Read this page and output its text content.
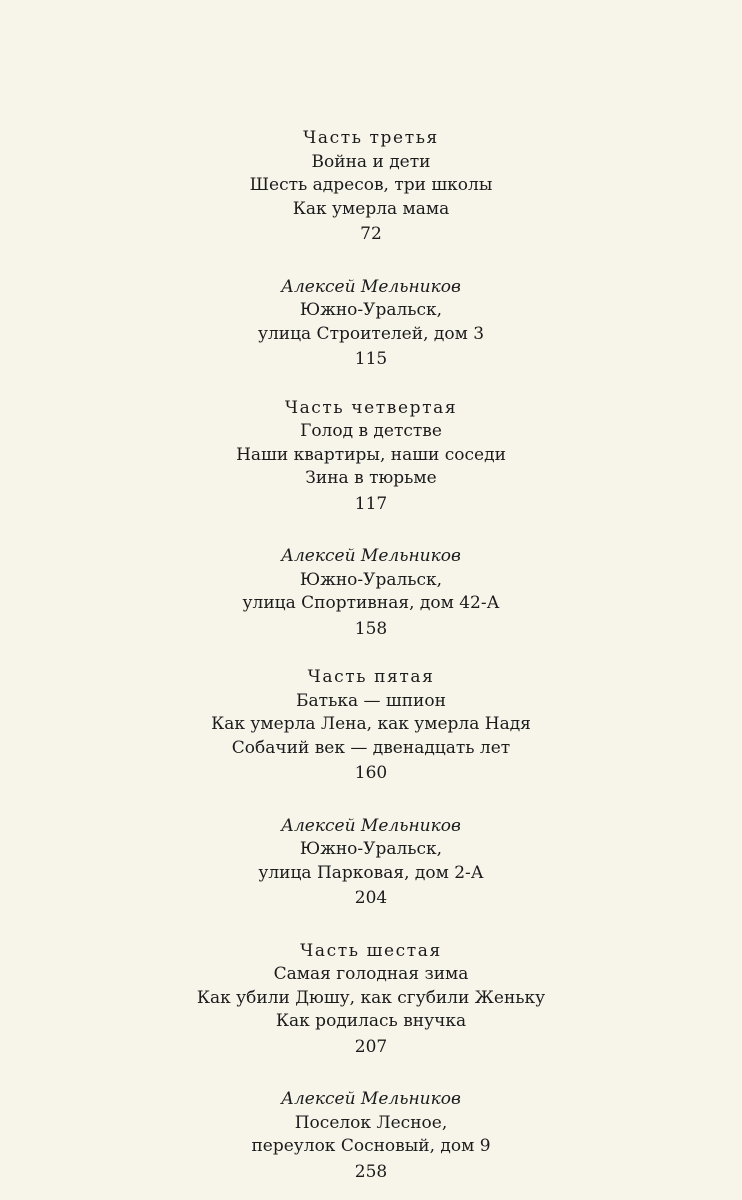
Часть третья
Война и дети
Шесть адресов, три школы
Как умерла мама
72
Алексей Мельников
Южно-Уральск,
улица Строителей, дом 3
115
Часть четвертая
Голод в детстве
Наши квартиры, наши соседи
Зина в тюрьме
117
Алексей Мельников
Южно-Уральск,
улица Спортивная, дом 42-А
158
Часть пятая
Батька — шпион
Как умерла Лена, как умерла Надя
Собачий век — двенадцать лет
160
Алексей Мельников
Южно-Уральск,
улица Парковая, дом 2-А
204
Часть шестая
Самая голодная зима
Как убили Дюшу, как сгубили Женьку
Как родилась внучка
207
Алексей Мельников
Поселок Лесное,
переулок Сосновый, дом 9
258
